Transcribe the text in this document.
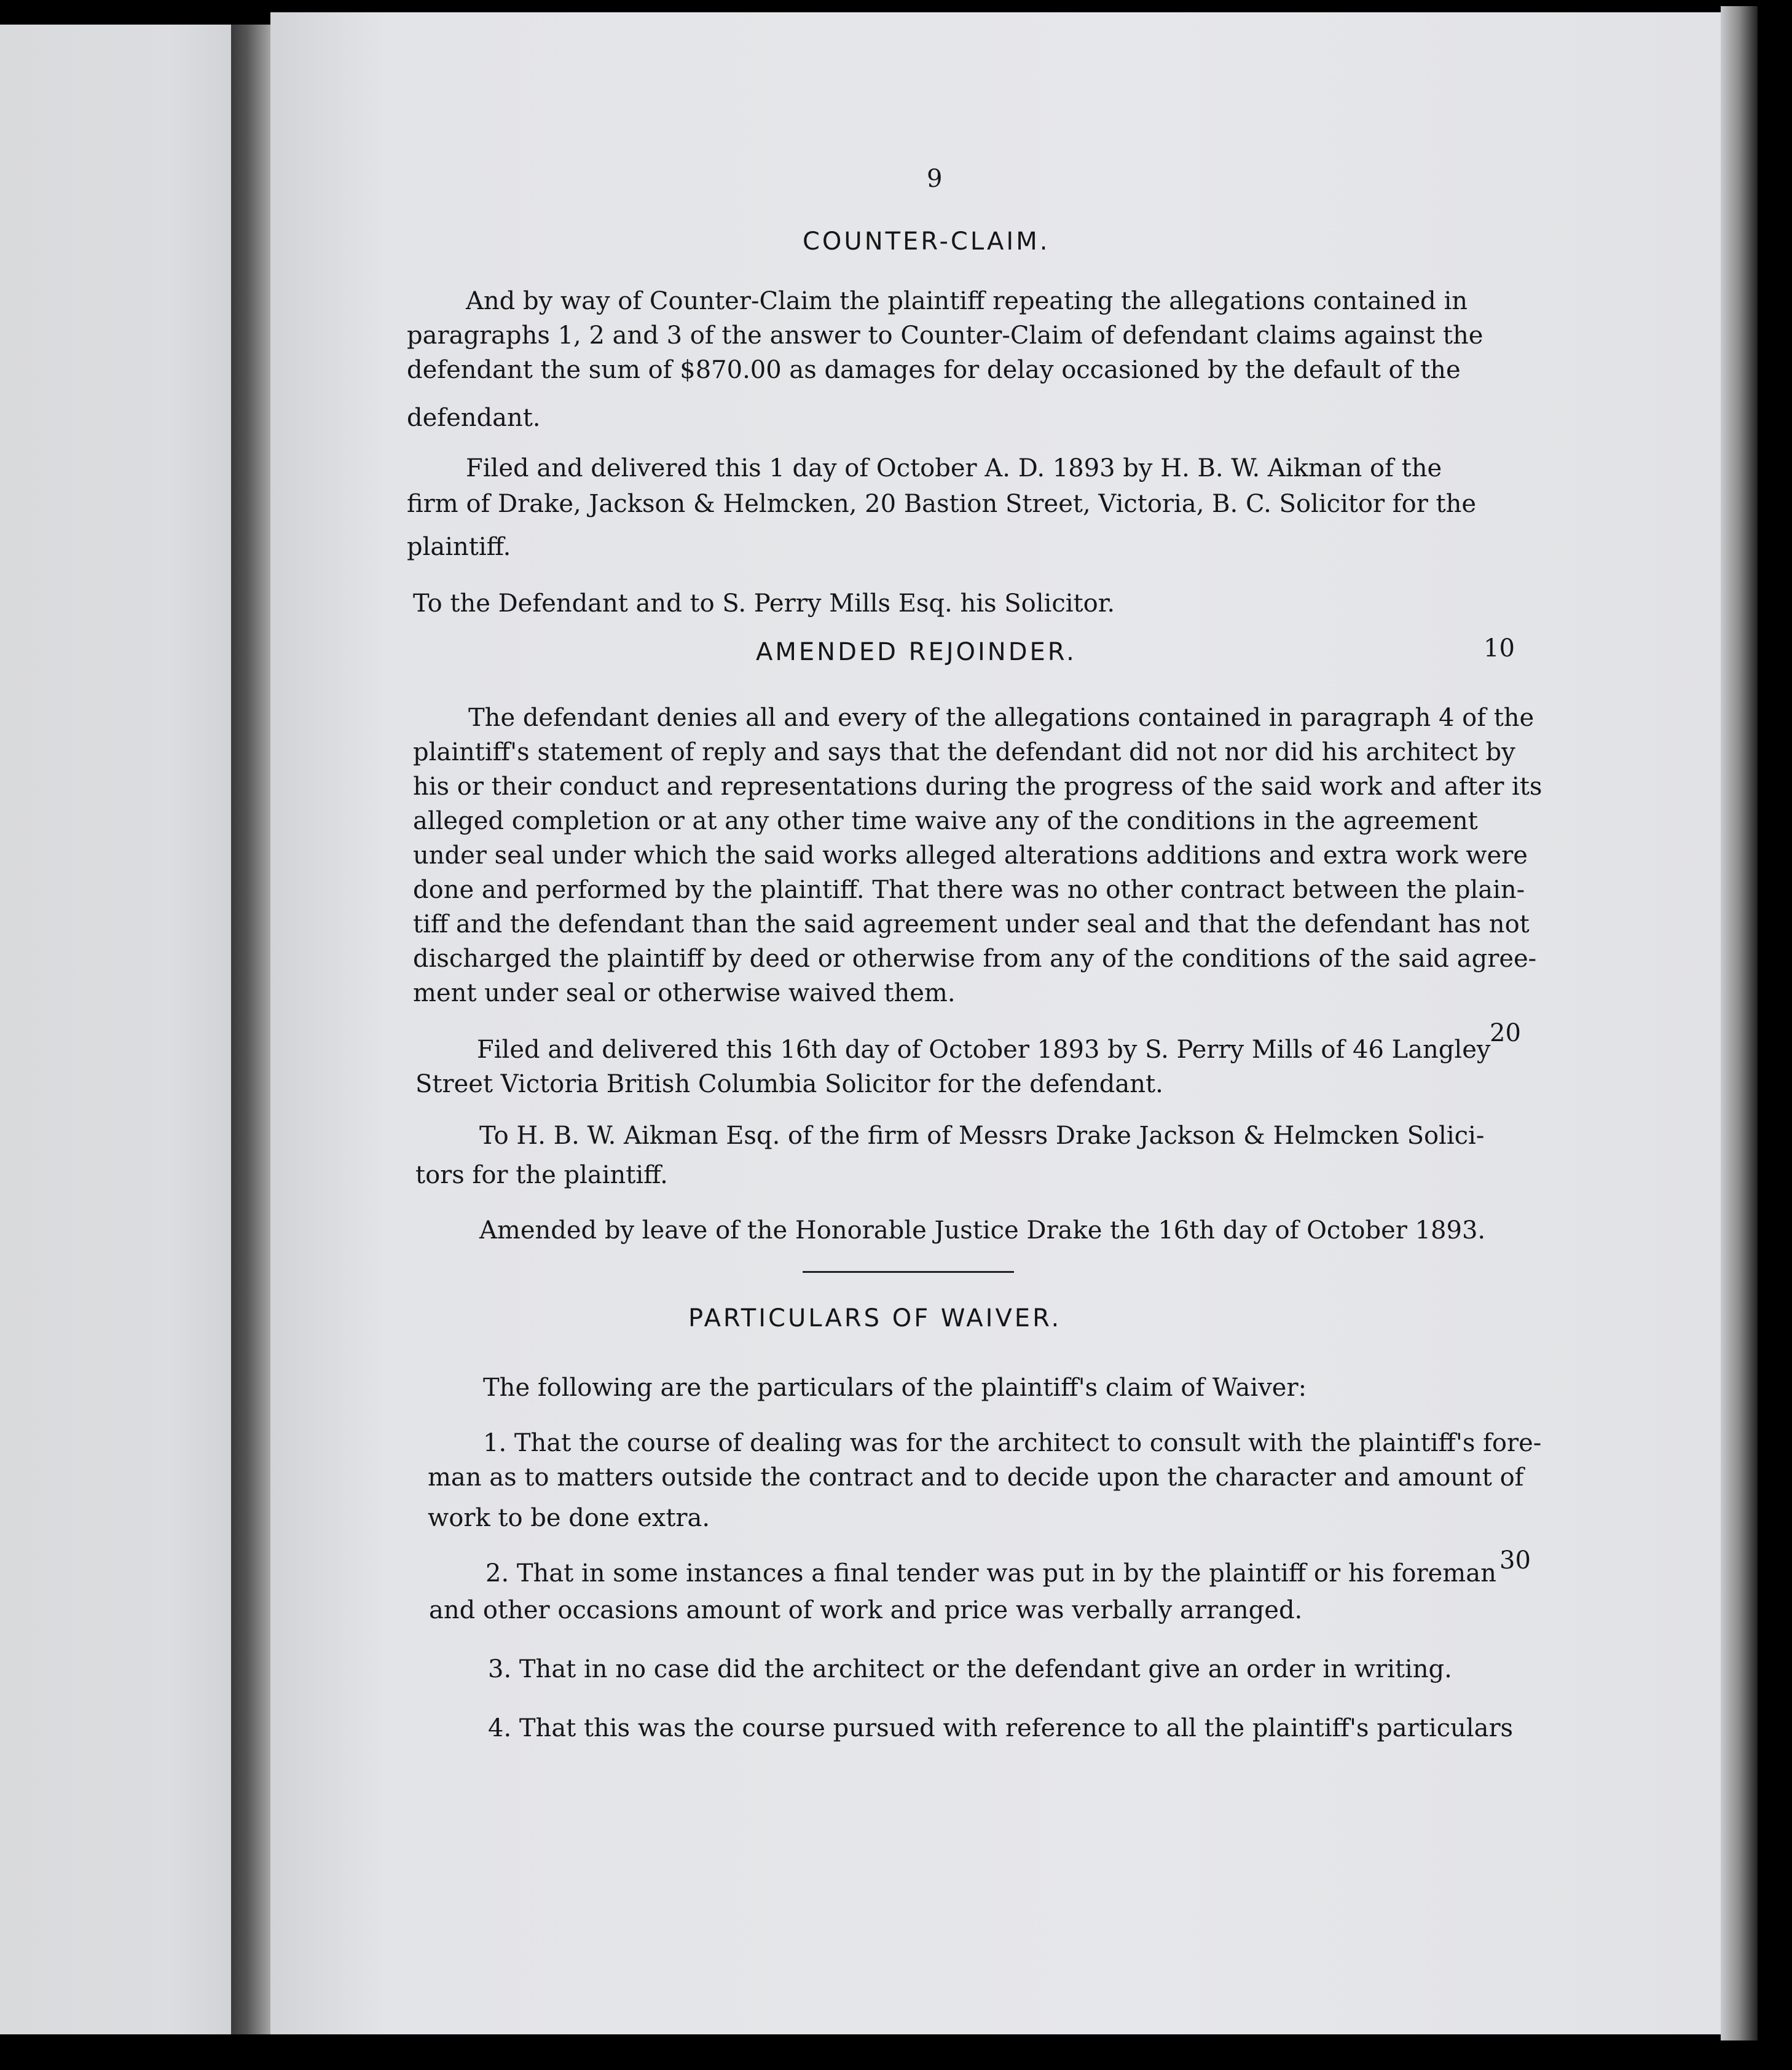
9
COUNTER-CLAIM.
And by way of Counter-Claim the plaintiff repeating the allegations contained in
paragraphs 1, 2 and 3 of the answer to Counter-Claim of defendant claims against the
defendant the sum of $870.00 as damages for delay occasioned by the default of the
defendant.
Filed and delivered this 1 day of October A. D. 1893 by H. B. W. Aikman of the
firm of Drake, Jackson & Helmcken, 20 Bastion Street, Victoria, B. C. Solicitor for the
plaintiff.
To the Defendant and to S. Perry Mills Esq. his Solicitor.
AMENDED REJOINDER.	10
The defendant denies all and every of the allegations contained in paragraph 4 of the
plaintiff's statement of reply and says that the defendant did not nor did his architect by
his or their conduct and representations during the progress of the said work and after its
alleged completion or at any other time waive any of the conditions in the agreement
under seal under which the said works alleged alterations additions and extra work were
done and performed by the plaintiff. That there was no other contract between the plain-
tiff and the defendant than the said agreement under seal and that the defendant has not
discharged the plaintiff by deed or otherwise from any of the conditions of the said agree-
ment under seal or otherwise waived them.
Filed and delivered this 16th day of October 1893 by S. Perry Mills of 46 Langley
20
Street Victoria British Columbia Solicitor for the defendant.
To H. B. W. Aikman Esq. of the firm of Messrs Drake Jackson & Helmcken Solici-
tors for the plaintiff.
Amended by leave of the Honorable Justice Drake the 16th day of October 1893.
PARTICULARS OF WAIVER.
The following are the particulars of the plaintiff's claim of Waiver:
1. That the course of dealing was for the architect to consult with the plaintiff's fore-
man as to matters outside the contract and to decide upon the character and amount of
work to be done extra.
2. That in some instances a final tender was put in by the plaintiff or his foreman 30
and other occasions amount of work and price was verbally arranged.
3. That in no case did the architect or the defendant give an order in writing.
4. That this was the course pursued with reference to all the plaintiff's particulars
